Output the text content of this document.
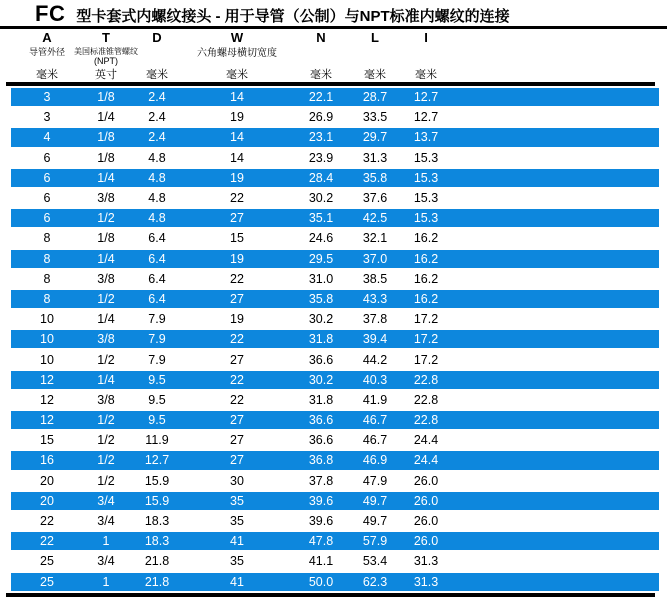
FC 型卡套式内螺纹接头 - 用于导管（公制）与NPT标准内螺纹的连接
A	T	D	W	N	L	I
导管外径	美国标准锥管螺纹	六角螺母横切宽度
(NPT)
毫米	英寸	毫米	毫米	毫米	毫米	毫米
3	1/8	2.4	14	22.1	28.7	12.7
3	1/4	2.4	19	26.9	33.5	12.7
4	1/8	2.4	14	23.1	29.7	13.7
6	1/8	4.8	14	23.9	31.3	15.3
6	1/4	4.8	19	28.4	35.8	15.3
6	3/8	4.8	22	30.2	37.6	15.3
6	1/2	4.8	27	35.1	42.5	15.3
8	1/8	6.4	15	24.6	32.1	16.2
8	1/4	6.4	19	29.5	37.0	16.2
8	3/8	6.4	22	31.0	38.5	16.2
8	1/2	6.4	27	35.8	43.3	16.2
10	1/4	7.9	19	30.2	37.8	17.2
10	3/8	7.9	22	31.8	39.4	17.2
10	1/2	7.9	27	36.6	44.2	17.2
12	1/4	9.5	22	30.2	40.3	22.8
12	3/8	9.5	22	31.8	41.9	22.8
12	1/2	9.5	27	36.6	46.7	22.8
15	1/2	11.9	27	36.6	46.7	24.4
16	1/2	12.7	27	36.8	46.9	24.4
20	1/2	15.9	30	37.8	47.9	26.0
20	3/4	15.9	35	39.6	49.7	26.0
22	3/4	18.3	35	39.6	49.7	26.0
22	1	18.3	41	47.8	57.9	26.0
25	3/4	21.8	35	41.1	53.4	31.3
25	1	21.8	41	50.0	62.3	31.3
